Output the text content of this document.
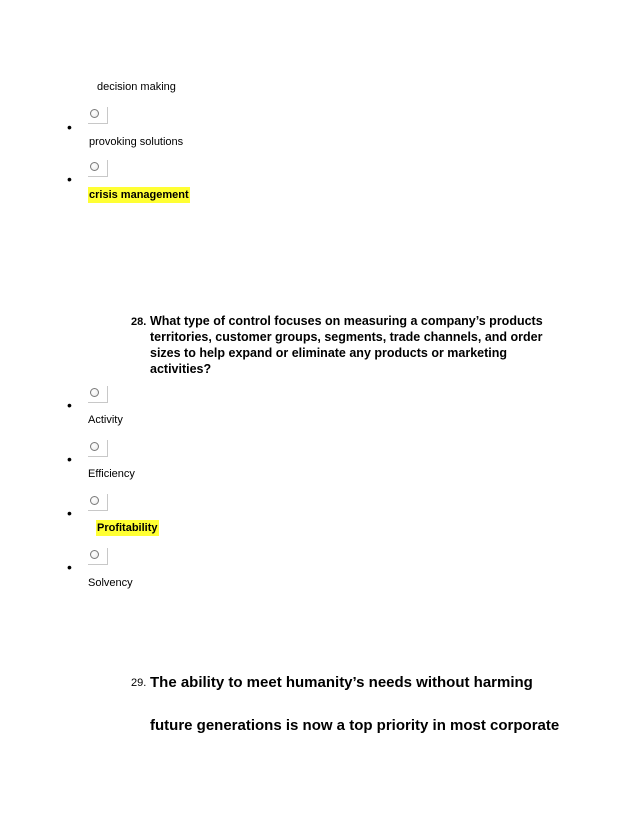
decision making
•
provoking solutions
•
crisis management
28. What type of control focuses on measuring a company’s products territories, customer groups, segments, trade channels, and order sizes to help expand or eliminate any products or marketing activities?
•
Activity
•
Efficiency
•
Profitability
•
Solvency
29. The ability to meet humanity’s needs without harming
future generations is now a top priority in most corporate
